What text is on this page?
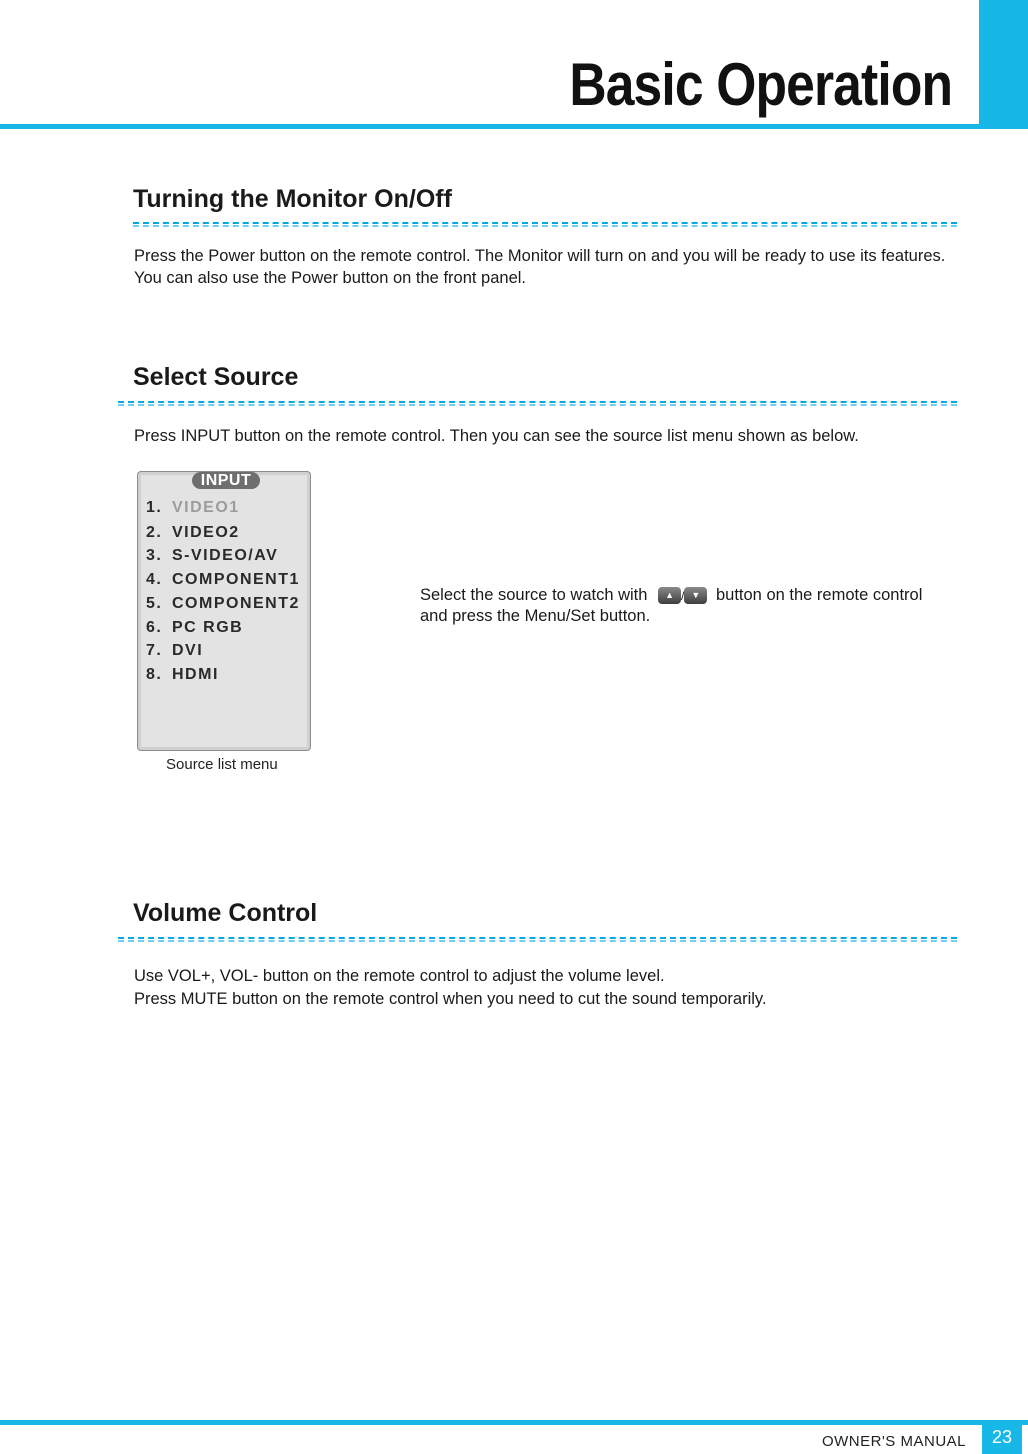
Basic Operation
Turning the Monitor On/Off
Press the Power button on the remote control. The Monitor will turn on and you will be ready to use its features.
You can also use the Power button on the front panel.
Select Source
Press INPUT button on the remote control. Then you can see the source list menu shown as below.
INPUT
1. VIDEO1
2. VIDEO2
3. S-VIDEO/AV
4. COMPONENT1
5. COMPONENT2
6. PC RGB
7. DVI
8. HDMI
Source list menu
Select the source to watch with ▲ / ▼ button on the remote control
and press the Menu/Set button.
Volume Control
Use VOL+, VOL- button on the remote control to adjust the volume level.
Press MUTE button on the remote control when you need to cut the sound temporarily.
OWNER'S MANUAL	23
